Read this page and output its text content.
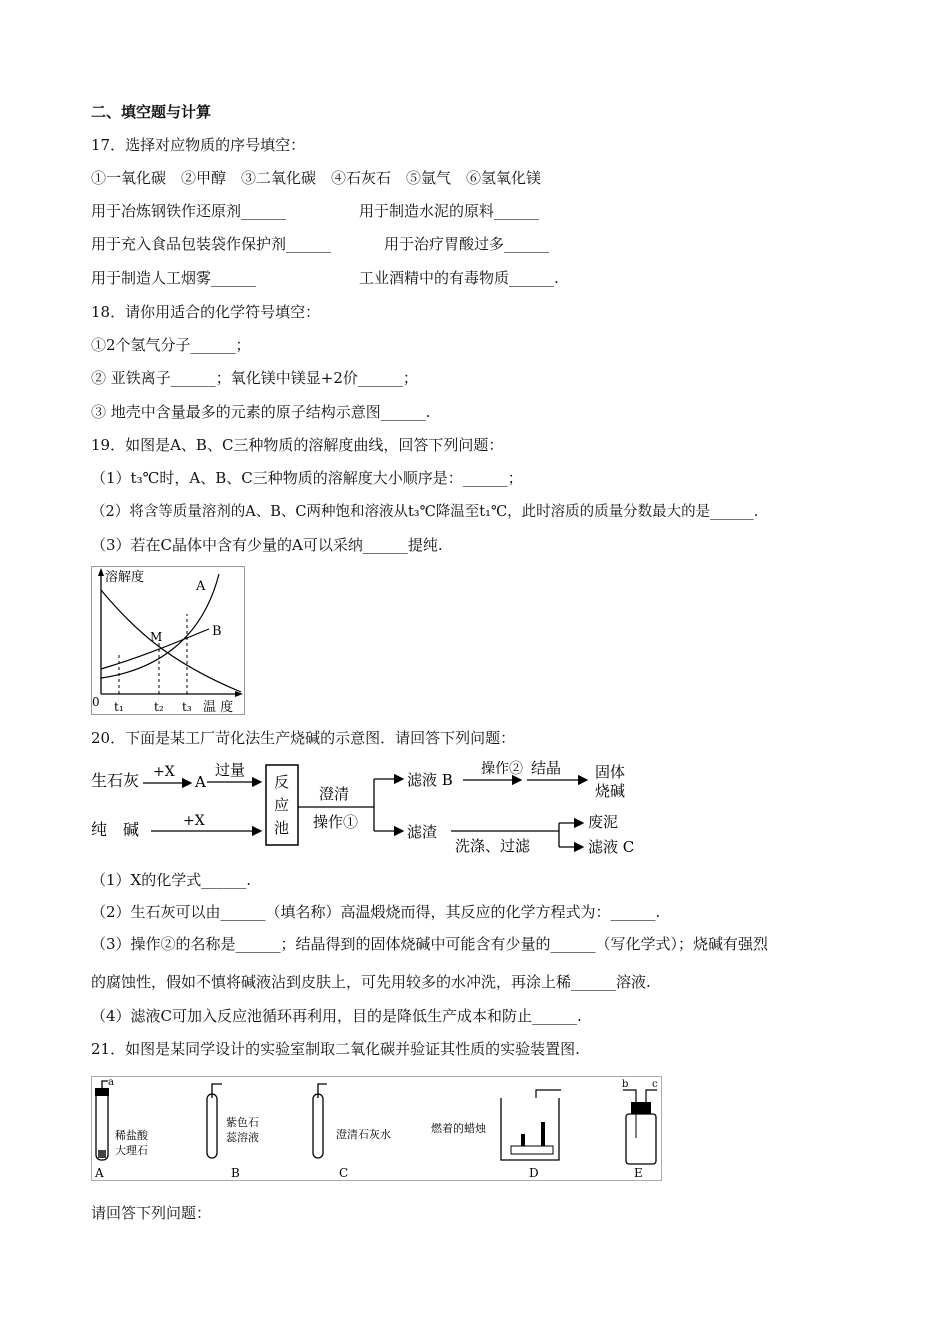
二、填空题与计算
17．选择对应物质的序号填空：
①一氧化碳　②甲醇　③二氧化碳　④石灰石　⑤氩气　⑥氢氧化镁
用于冶炼钢铁作还原剂______	用于制造水泥的原料______
用于充入食品包装袋作保护剂______	用于治疗胃酸过多______
用于制造人工烟雾______	工业酒精中的有毒物质______.
18．请你用适合的化学符号填空：
①2个氢气分子______；
② 亚铁离子______；氧化镁中镁显+2价______；
③ 地壳中含量最多的元素的原子结构示意图______.
19．如图是A、B、C三种物质的溶解度曲线，回答下列问题：
（1）t₃℃时，A、B、C三种物质的溶解度大小顺序是：______；
（2）将含等质量溶剂的A、B、C两种饱和溶液从t₃℃降温至t₁℃，此时溶质的质量分数最大的是______.
（3）若在C晶体中含有少量的A可以采纳______提纯.
溶解度
A
B
M
0 t₁	t₂ t₃ 温 度
20．下面是某工厂苛化法生产烧碱的示意图．请回答下列问题：
生石灰 +X
A
过量
纯　碱	+X
反
应
池
澄清
操作①
滤液 B
操作② 结晶 固体
烧碱
滤渣
洗涤、过滤
废泥
滤液 C
（1）X的化学式______.
（2）生石灰可以由______（填名称）高温煅烧而得，其反应的化学方程式为：______.
（3）操作②的名称是______；结晶得到的固体烧碱中可能含有少量的______（写化学式）；烧碱有强烈
的腐蚀性，假如不慎将碱液沾到皮肤上，可先用较多的水冲洗，再涂上稀______溶液.
（4）滤液C可加入反应池循环再利用，目的是降低生产成本和防止______.
21．如图是某同学设计的实验室制取二氧化碳并验证其性质的实验装置图.
a
稀盐酸
大理石
A
紫色石
蕊溶液
B
澄清石灰水
C
燃着的蜡烛
D
b c
E
请回答下列问题：
